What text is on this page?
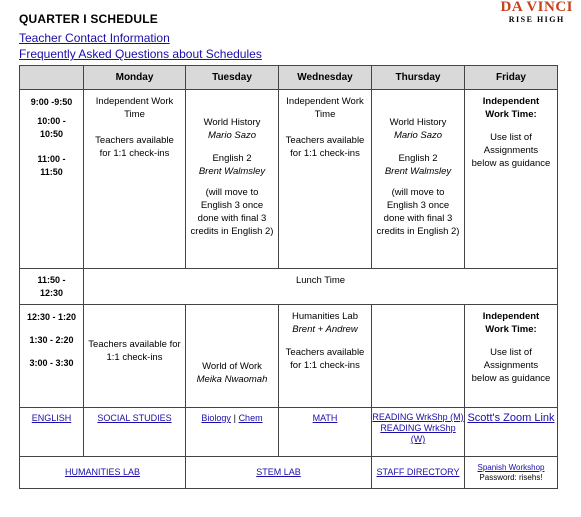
QUARTER I SCHEDULE
DA VINCI
RISE HIGH
Teacher Contact Information
Frequently Asked Questions about Schedules
	Monday	Tuesday	Wednesday	Thursday	Friday

9:00 -9:50
10:00 -
10:50
11:00 -
11:50	Independent Work Time
Teachers available for 1:1 check-ins	World History
Mario Sazo
English 2
Brent Walmsley
(will move to English 3 once done with final 3 credits in English 2)	Independent Work Time
Teachers available for 1:1 check-ins	World History
Mario Sazo
English 2
Brent Walmsley
(will move to English 3 once done with final 3 credits in English 2)	Independent Work Time:
Use list of Assignments below as guidance

11:50 -
12:30	Lunch Time				

12:30 - 1:20
1:30 - 2:20
3:00 - 3:30	Teachers available for 1:1 check-ins	World of Work
Meika Nwaomah	Humanities Lab
Brent + Andrew
Teachers available for 1:1 check-ins		Independent Work Time:
Use list of Assignments below as guidance

ENGLISH	SOCIAL STUDIES	Biology | Chem	MATH	READING WrkShp (M)
READING WrkShp (W)	Scott's Zoom Link
HUMANITIES LAB		STEM LAB		STAFF DIRECTORY	Spanish Workshop
Password: risehs!
